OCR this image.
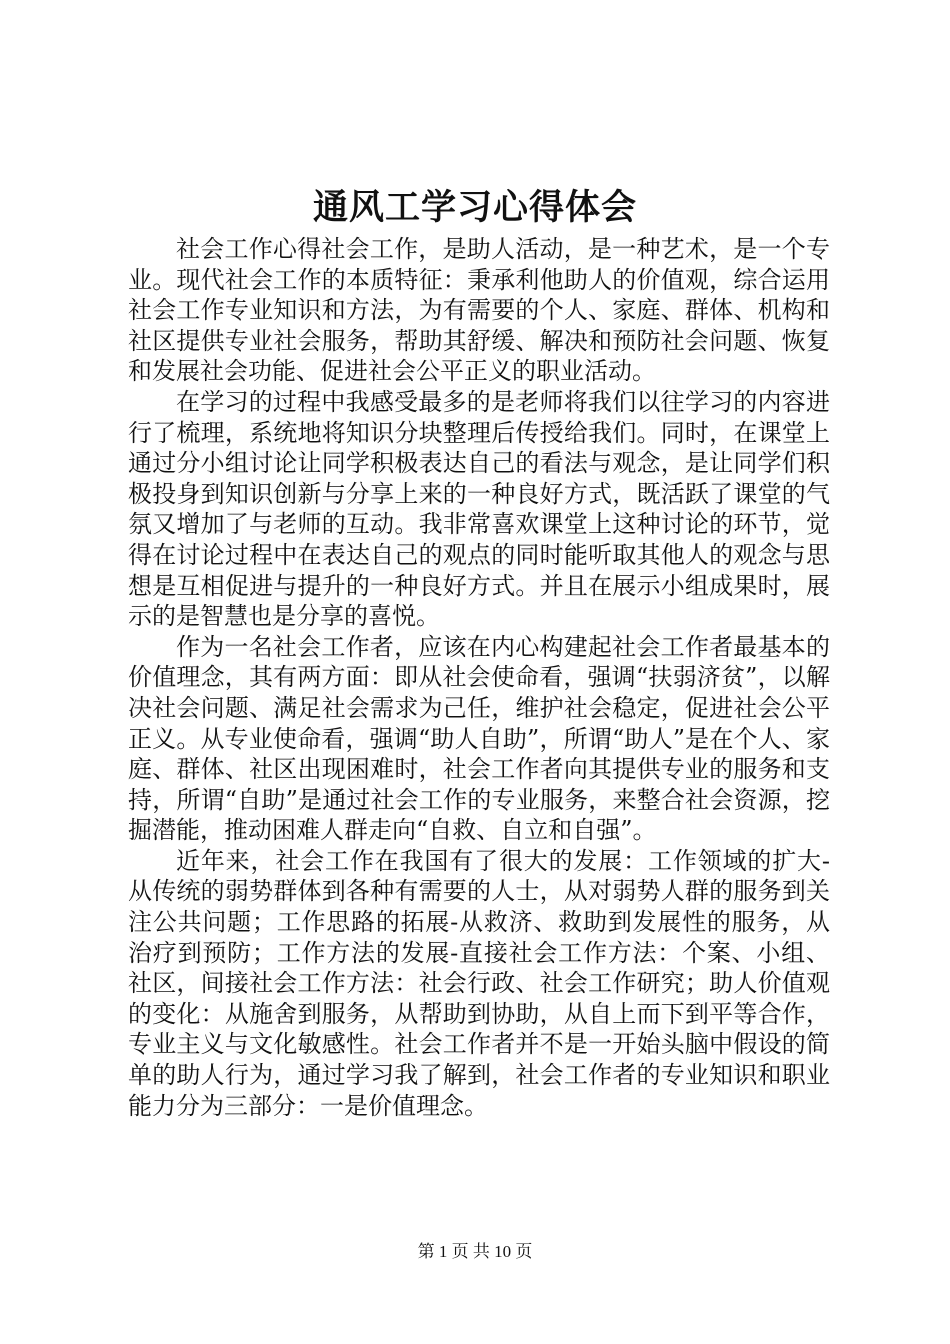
通风工学习心得体会

社会工作心得社会工作，是助人活动，是一种艺术，是一个专业。现代社会工作的本质特征：秉承利他助人的价值观，综合运用社会工作专业知识和方法，为有需要的个人、家庭、群体、机构和社区提供专业社会服务，帮助其舒缓、解决和预防社会问题、恢复和发展社会功能、促进社会公平正义的职业活动。

在学习的过程中我感受最多的是老师将我们以往学习的内容进行了梳理，系统地将知识分块整理后传授给我们。同时，在课堂上通过分小组讨论让同学积极表达自己的看法与观念，是让同学们积极投身到知识创新与分享上来的一种良好方式，既活跃了课堂的气氛又增加了与老师的互动。我非常喜欢课堂上这种讨论的环节，觉得在讨论过程中在表达自己的观点的同时能听取其他人的观念与思想是互相促进与提升的一种良好方式。并且在展示小组成果时，展示的是智慧也是分享的喜悦。

作为一名社会工作者，应该在内心构建起社会工作者最基本的价值理念，其有两方面：即从社会使命看，强调“扶弱济贫”，以解决社会问题、满足社会需求为己任，维护社会稳定，促进社会公平正义。从专业使命看，强调“助人自助”，所谓“助人”是在个人、家庭、群体、社区出现困难时，社会工作者向其提供专业的服务和支持，所谓“自助”是通过社会工作的专业服务，来整合社会资源，挖掘潜能，推动困难人群走向“自救、自立和自强”。

近年来，社会工作在我国有了很大的发展：工作领域的扩大-从传统的弱势群体到各种有需要的人士，从对弱势人群的服务到关注公共问题；工作思路的拓展-从救济、救助到发展性的服务，从治疗到预防；工作方法的发展-直接社会工作方法：个案、小组、社区，间接社会工作方法：社会行政、社会工作研究；助人价值观的变化：从施舍到服务，从帮助到协助，从自上而下到平等合作，专业主义与文化敏感性。社会工作者并不是一开始头脑中假设的简单的助人行为，通过学习我了解到，社会工作者的专业知识和职业能力分为三部分：一是价值理念。

第 1 页 共 10 页
